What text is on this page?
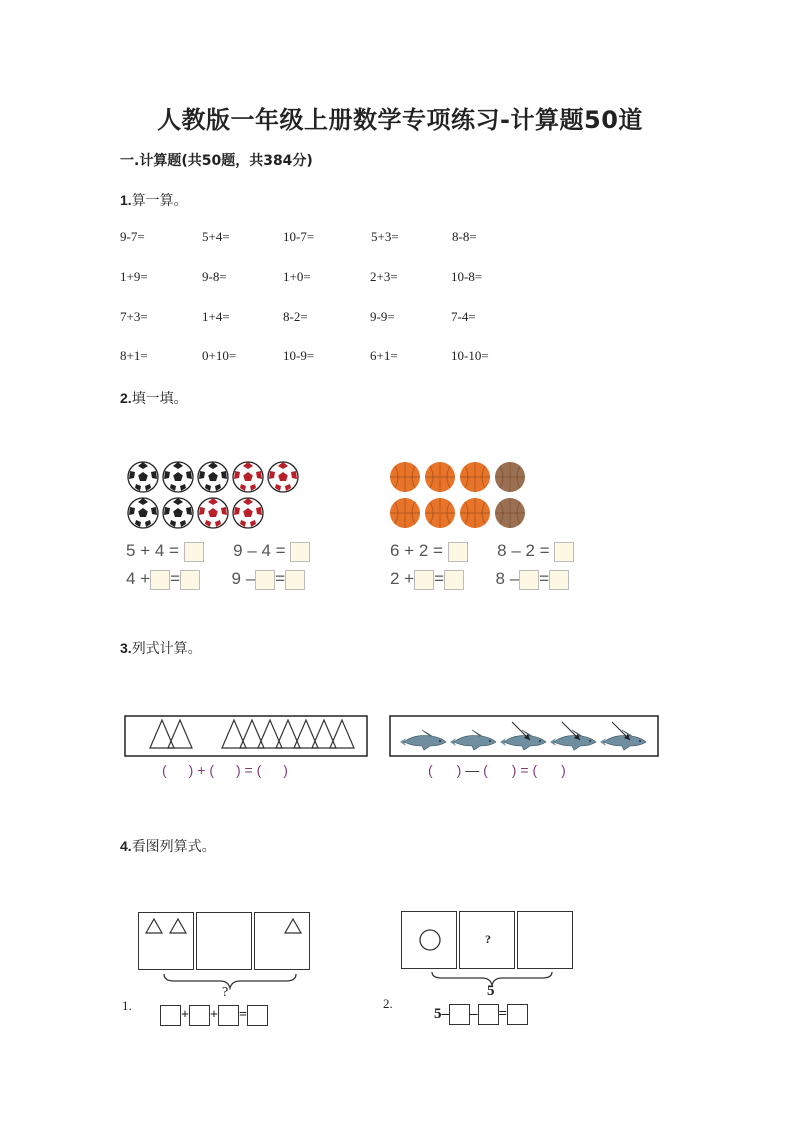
人教版一年级上册数学专项练习-计算题50道
一.计算题(共50题，共384分)
1.算一算。
2.填一填。
5 + 4 =	9 – 4 =
4 + =	9 – =
6 + 2 =	8 – 2 =
2 + =	8 – =
3.列式计算。
( ) + ( ) = ( )	( ) — ( ) = ( )
4.看图列算式。
?
1.
+ + =
?
5
2.
5– – =
9-7=	5+4=	10-7=	5+3=	8-8=
1+9=	9-8=	1+0=	2+3=	10-8=
7+3=	1+4=	8-2=	9-9=	7-4=
8+1=	0+10=	10-9=	6+1=	10-10=
